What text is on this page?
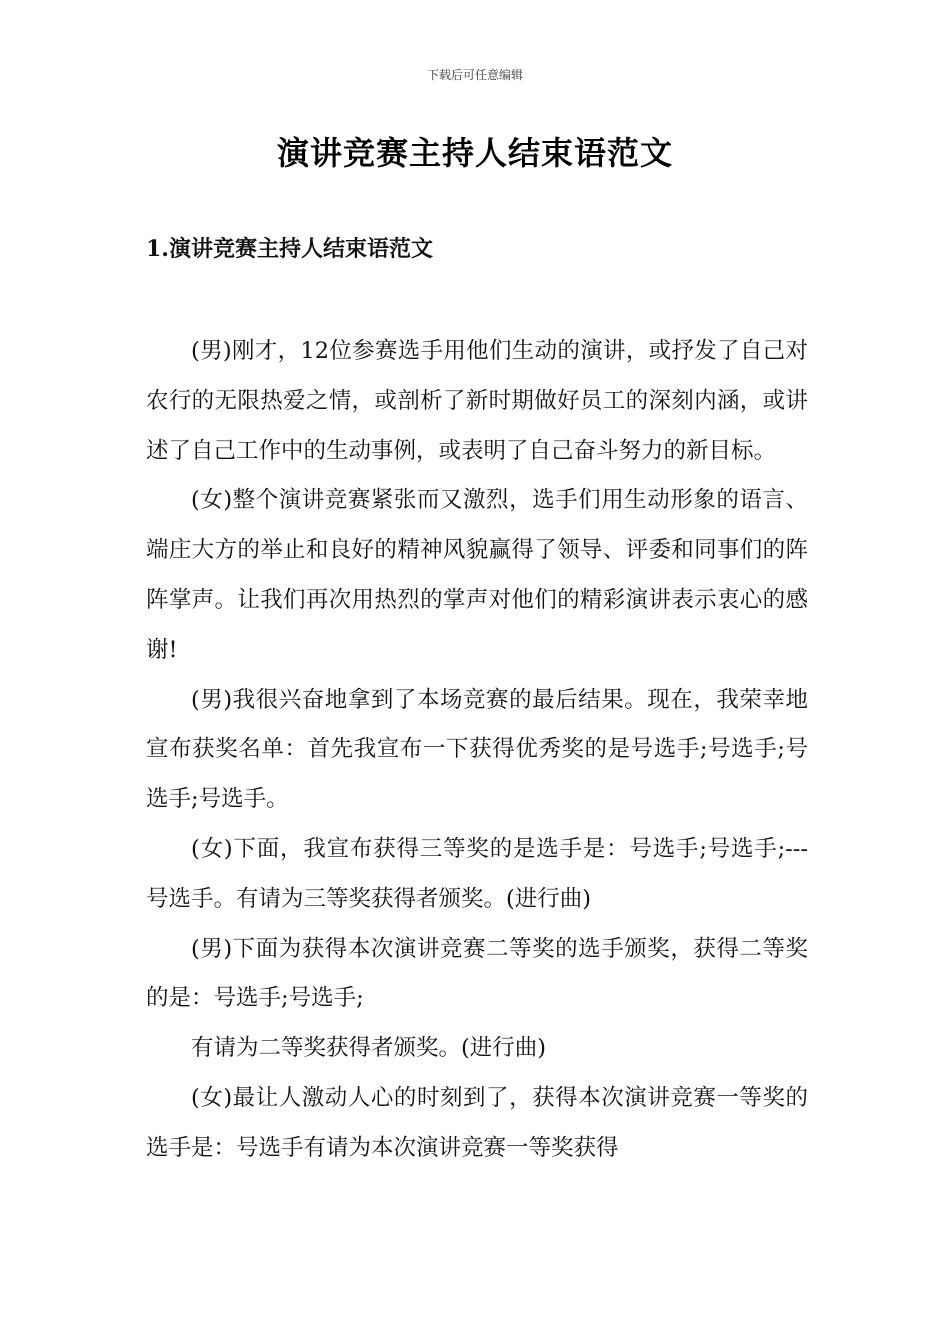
下载后可任意编辑
演讲竞赛主持人结束语范文
1.演讲竞赛主持人结束语范文

(男)刚才，12位参赛选手用他们生动的演讲，或抒发了自己对农行的无限热爱之情，或剖析了新时期做好员工的深刻内涵，或讲述了自己工作中的生动事例，或表明了自己奋斗努力的新目标。

(女)整个演讲竞赛紧张而又激烈，选手们用生动形象的语言、端庄大方的举止和良好的精神风貌赢得了领导、评委和同事们的阵阵掌声。让我们再次用热烈的掌声对他们的精彩演讲表示衷心的感谢!

(男)我很兴奋地拿到了本场竞赛的最后结果。现在，我荣幸地宣布获奖名单：首先我宣布一下获得优秀奖的是号选手;号选手;号选手;号选手。

(女)下面，我宣布获得三等奖的是选手是：号选手;号选手;---号选手。有请为三等奖获得者颁奖。(进行曲)

(男)下面为获得本次演讲竞赛二等奖的选手颁奖，获得二等奖的是：号选手;号选手;

有请为二等奖获得者颁奖。(进行曲)

(女)最让人激动人心的时刻到了，获得本次演讲竞赛一等奖的选手是：号选手有请为本次演讲竞赛一等奖获得
